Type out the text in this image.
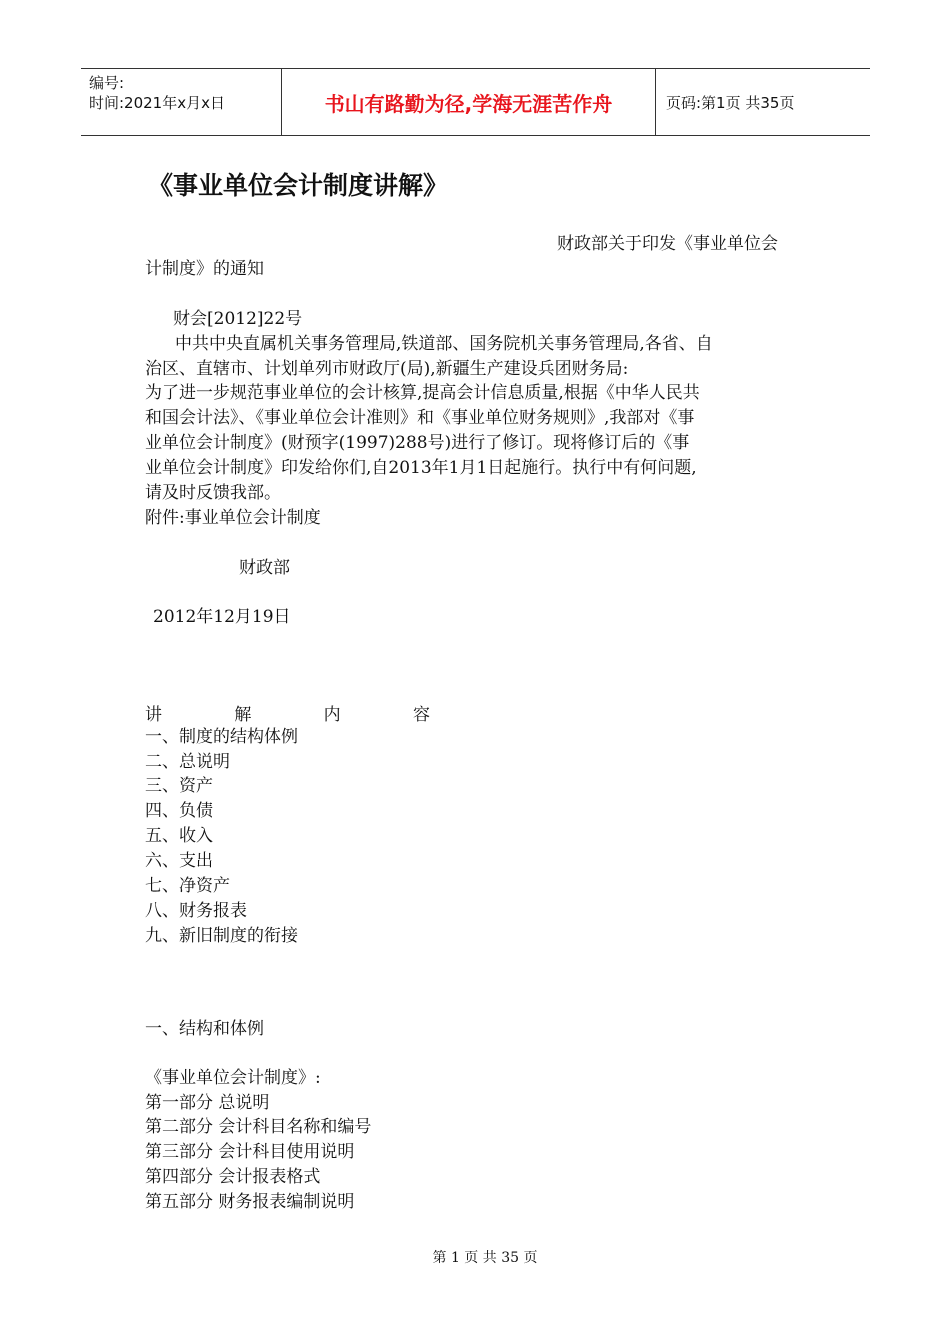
编号:
时间:2021年x月x日	书山有路勤为径,学海无涯苦作舟	页码:第1页 共35页
《事业单位会计制度讲解》
财政部关于印发《事业单位会
计制度》的通知
财会[2012]22号
中共中央直属机关事务管理局,铁道部、国务院机关事务管理局,各省、自
治区、直辖市、计划单列市财政厅(局),新疆生产建设兵团财务局:
为了进一步规范事业单位的会计核算,提高会计信息质量,根据《中华人民共
和国会计法》、《事业单位会计准则》和《事业单位财务规则》,我部对《事
业单位会计制度》(财预字(1997)288号)进行了修订。现将修订后的《事
业单位会计制度》印发给你们,自2013年1月1日起施行。执行中有何问题,
请及时反馈我部。
附件:事业单位会计制度
财政部
2012年12月19日
讲	解	内	容
一、制度的结构体例
二、总说明
三、资产
四、负债
五、收入
六、支出
七、净资产
八、财务报表
九、新旧制度的衔接
一、结构和体例
《事业单位会计制度》:
第一部分 总说明
第二部分 会计科目名称和编号
第三部分 会计科目使用说明
第四部分 会计报表格式
第五部分 财务报表编制说明
第 1 页 共 35 页
